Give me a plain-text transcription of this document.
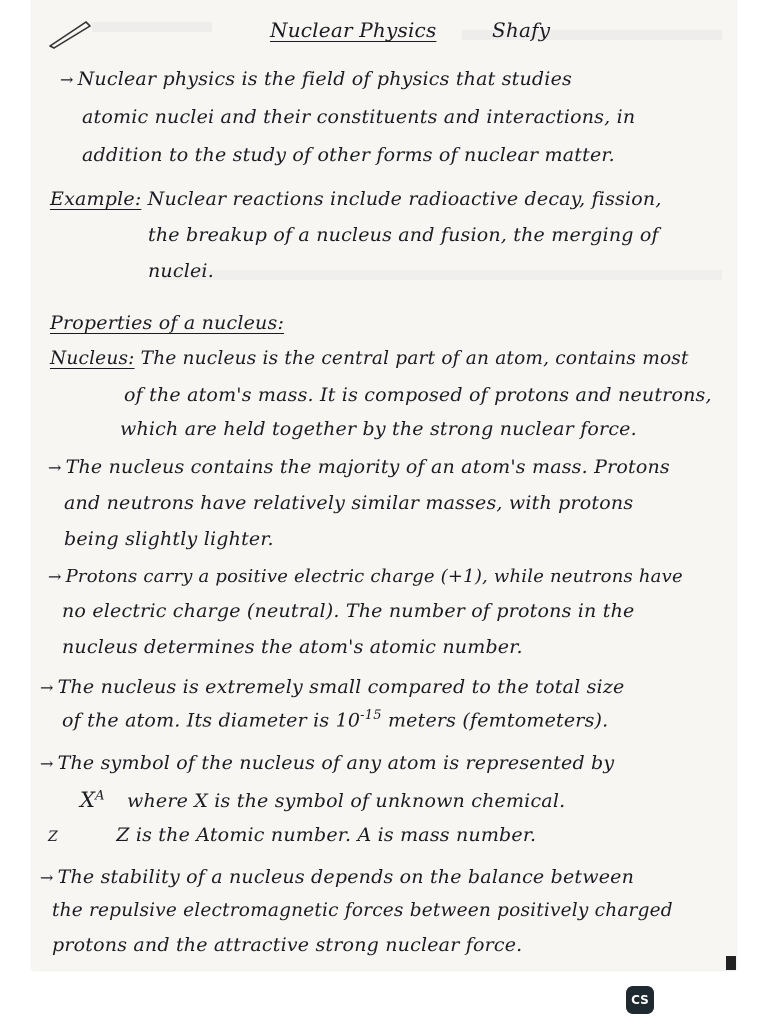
Nuclear Physics	Shafy
→ Nuclear physics is the field of physics that studies
atomic nuclei and their constituents and interactions, in
addition to the study of other forms of nuclear matter.
Example: Nuclear reactions include radioactive decay, fission,
the breakup of a nucleus and fusion, the merging of
nuclei.
Properties of a nucleus:
Nucleus: The nucleus is the central part of an atom, contains most
of the atom's mass. It is composed of protons and neutrons,
which are held together by the strong nuclear force.
→ The nucleus contains the majority of an atom's mass. Protons
and neutrons have relatively similar masses, with protons
being slightly lighter.
→ Protons carry a positive electric charge (+1), while neutrons have
no electric charge (neutral). The number of protons in the
nucleus determines the atom's atomic number.
→ The nucleus is extremely small compared to the total size
of the atom. Its diameter is $10^{-15}$ meters (femtometers).
→ The symbol of the nucleus of any atom is represented by
$X^A$ where X is the symbol of unknown chemical.
Z	Z is the Atomic number. A is mass number.
→ The stability of a nucleus depends on the balance between
the repulsive electromagnetic forces between positively charged
protons and the attractive strong nuclear force.
CS
